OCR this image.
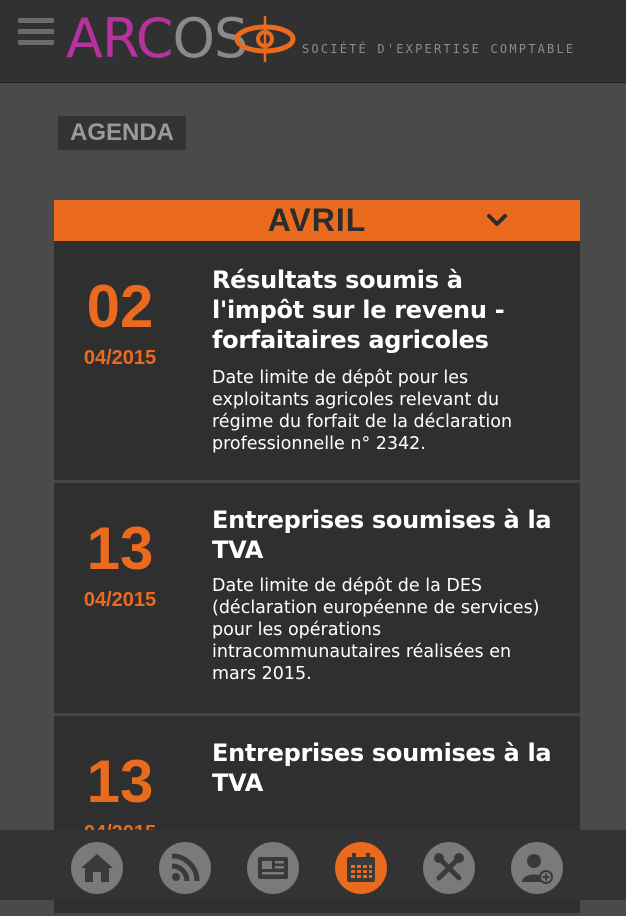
ARCOS	SOCIÉTÉ D'EXPERTISE COMPTABLE
AGENDA
AVRIL
02
04/2015
Résultats soumis à l'impôt sur le revenu - forfaitaires agricoles
Date limite de dépôt pour les exploitants agricoles relevant du régime du forfait de la déclaration professionnelle n° 2342.
13
04/2015
Entreprises soumises à la TVA
Date limite de dépôt de la DES (déclaration européenne de services) pour les opérations intracommunautaires réalisées en mars 2015.
13 Entreprises soumises à la TVA
